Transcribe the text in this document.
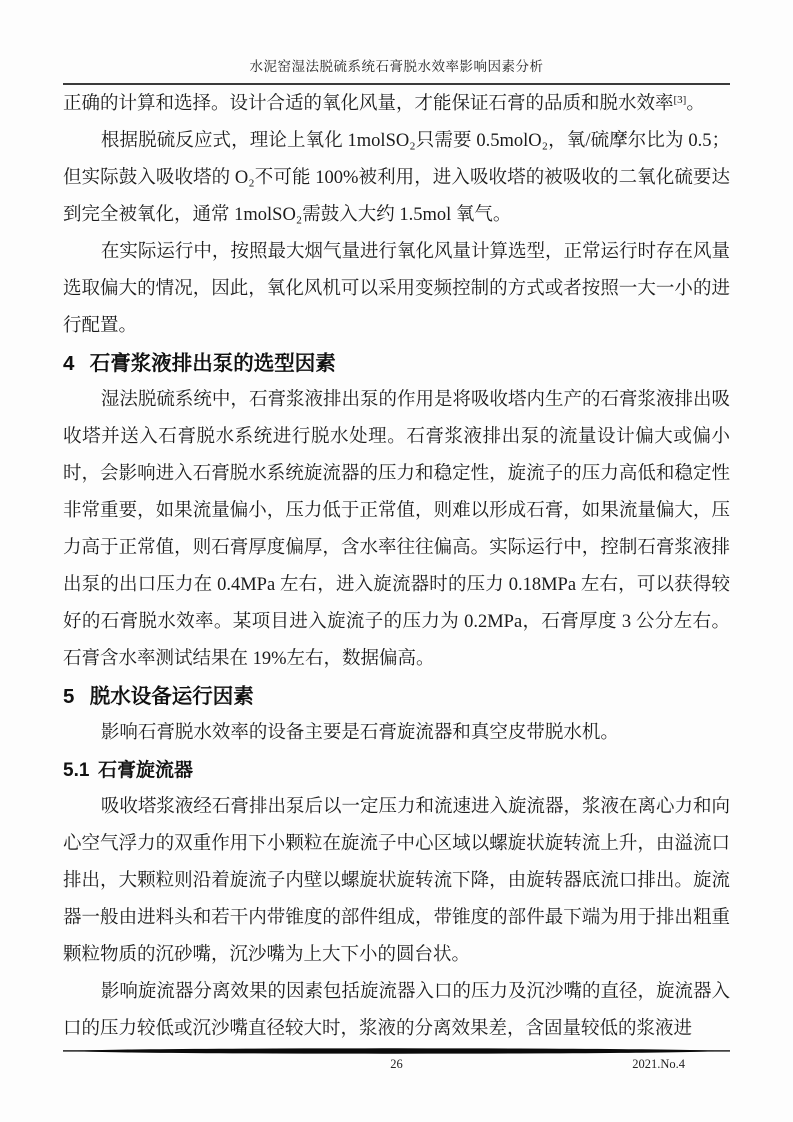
水泥窑湿法脱硫系统石膏脱水效率影响因素分析

正确的计算和选择。设计合适的氧化风量，才能保证石膏的品质和脱水效率[3]。

根据脱硫反应式，理论上氧化 1molSO₂只需要 0.5molO₂，氧/硫摩尔比为 0.5；但实际鼓入吸收塔的 O₂不可能 100%被利用，进入吸收塔的被吸收的二氧化硫要达到完全被氧化，通常 1molSO₂需鼓入大约 1.5mol 氧气。

在实际运行中，按照最大烟气量进行氧化风量计算选型，正常运行时存在风量选取偏大的情况，因此，氧化风机可以采用变频控制的方式或者按照一大一小的进行配置。

4 石膏浆液排出泵的选型因素

湿法脱硫系统中，石膏浆液排出泵的作用是将吸收塔内生产的石膏浆液排出吸收塔并送入石膏脱水系统进行脱水处理。石膏浆液排出泵的流量设计偏大或偏小时，会影响进入石膏脱水系统旋流器的压力和稳定性，旋流子的压力高低和稳定性非常重要，如果流量偏小，压力低于正常值，则难以形成石膏，如果流量偏大，压力高于正常值，则石膏厚度偏厚，含水率往往偏高。实际运行中，控制石膏浆液排出泵的出口压力在 0.4MPa 左右，进入旋流器时的压力 0.18MPa 左右，可以获得较好的石膏脱水效率。某项目进入旋流子的压力为 0.2MPa，石膏厚度 3 公分左右。石膏含水率测试结果在 19%左右，数据偏高。

5 脱水设备运行因素

影响石膏脱水效率的设备主要是石膏旋流器和真空皮带脱水机。

5.1 石膏旋流器

吸收塔浆液经石膏排出泵后以一定压力和流速进入旋流器，浆液在离心力和向心空气浮力的双重作用下小颗粒在旋流子中心区域以螺旋状旋转流上升，由溢流口排出，大颗粒则沿着旋流子内壁以螺旋状旋转流下降，由旋转器底流口排出。旋流器一般由进料头和若干内带锥度的部件组成，带锥度的部件最下端为用于排出粗重颗粒物质的沉砂嘴，沉沙嘴为上大下小的圆台状。

影响旋流器分离效果的因素包括旋流器入口的压力及沉沙嘴的直径，旋流器入口的压力较低或沉沙嘴直径较大时，浆液的分离效果差，含固量较低的浆液进

26	2021.No.4
